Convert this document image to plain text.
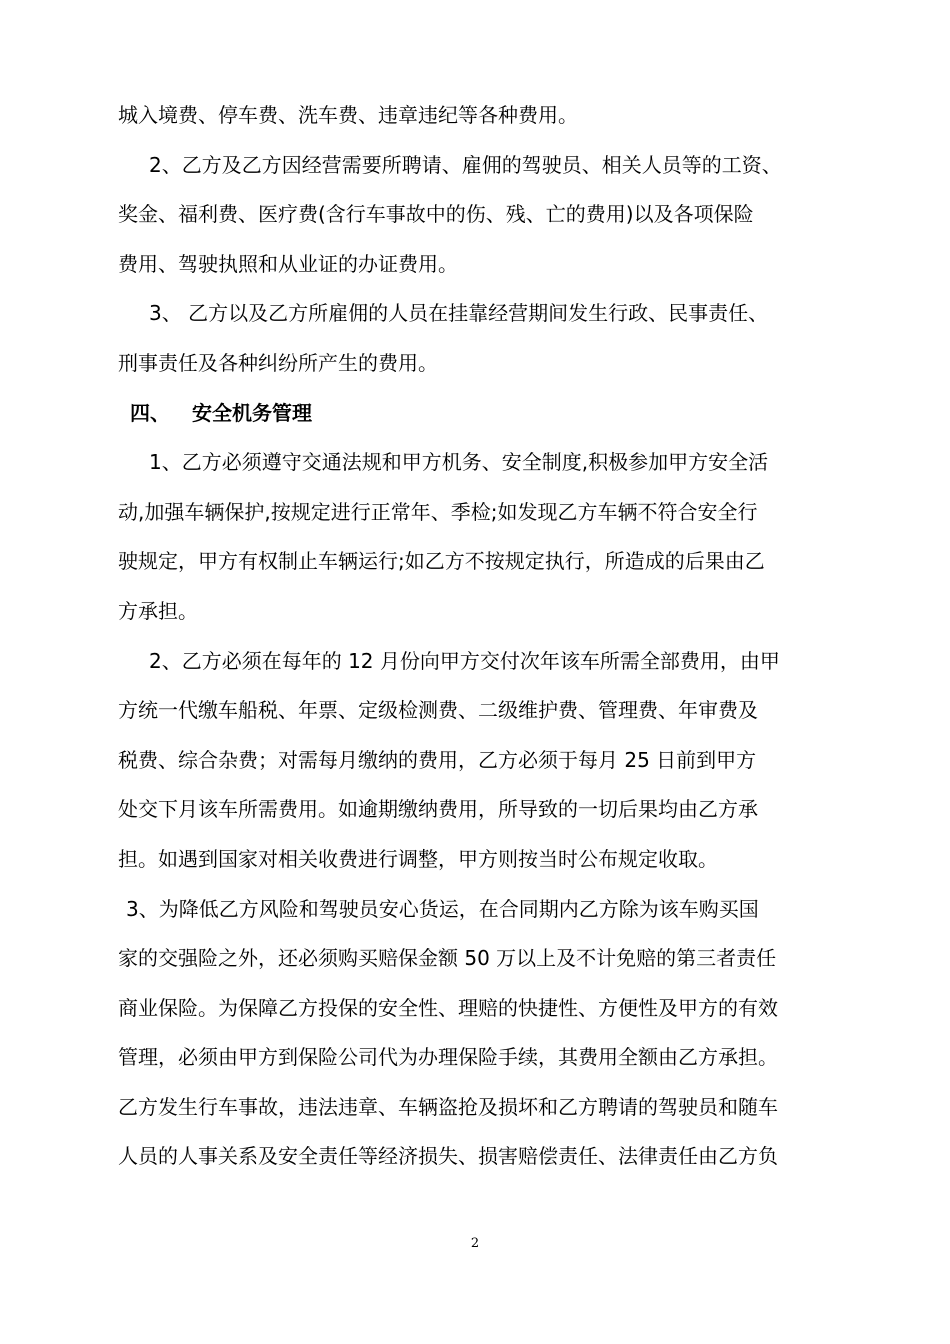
城入境费、停车费、洗车费、违章违纪等各种费用。
2、乙方及乙方因经营需要所聘请、雇佣的驾驶员、相关人员等的工资、
奖金、福利费、医疗费(含行车事故中的伤、残、亡的费用)以及各项保险
费用、驾驶执照和从业证的办证费用。
3、 乙方以及乙方所雇佣的人员在挂靠经营期间发生行政、民事责任、
刑事责任及各种纠纷所产生的费用。
四、 安全机务管理
1、乙方必须遵守交通法规和甲方机务、安全制度,积极参加甲方安全活
动,加强车辆保护,按规定进行正常年、季检;如发现乙方车辆不符合安全行
驶规定，甲方有权制止车辆运行;如乙方不按规定执行，所造成的后果由乙
方承担。
2、乙方必须在每年的 12 月份向甲方交付次年该车所需全部费用，由甲
方统一代缴车船税、年票、定级检测费、二级维护费、管理费、年审费及
税费、综合杂费；对需每月缴纳的费用，乙方必须于每月 25 日前到甲方
处交下月该车所需费用。如逾期缴纳费用，所导致的一切后果均由乙方承
担。如遇到国家对相关收费进行调整，甲方则按当时公布规定收取。
3、为降低乙方风险和驾驶员安心货运，在合同期内乙方除为该车购买国
家的交强险之外，还必须购买赔保金额 50 万以上及不计免赔的第三者责任
商业保险。为保障乙方投保的安全性、理赔的快捷性、方便性及甲方的有效
管理，必须由甲方到保险公司代为办理保险手续，其费用全额由乙方承担。
乙方发生行车事故，违法违章、车辆盗抢及损坏和乙方聘请的驾驶员和随车
人员的人事关系及安全责任等经济损失、损害赔偿责任、法律责任由乙方负
2
